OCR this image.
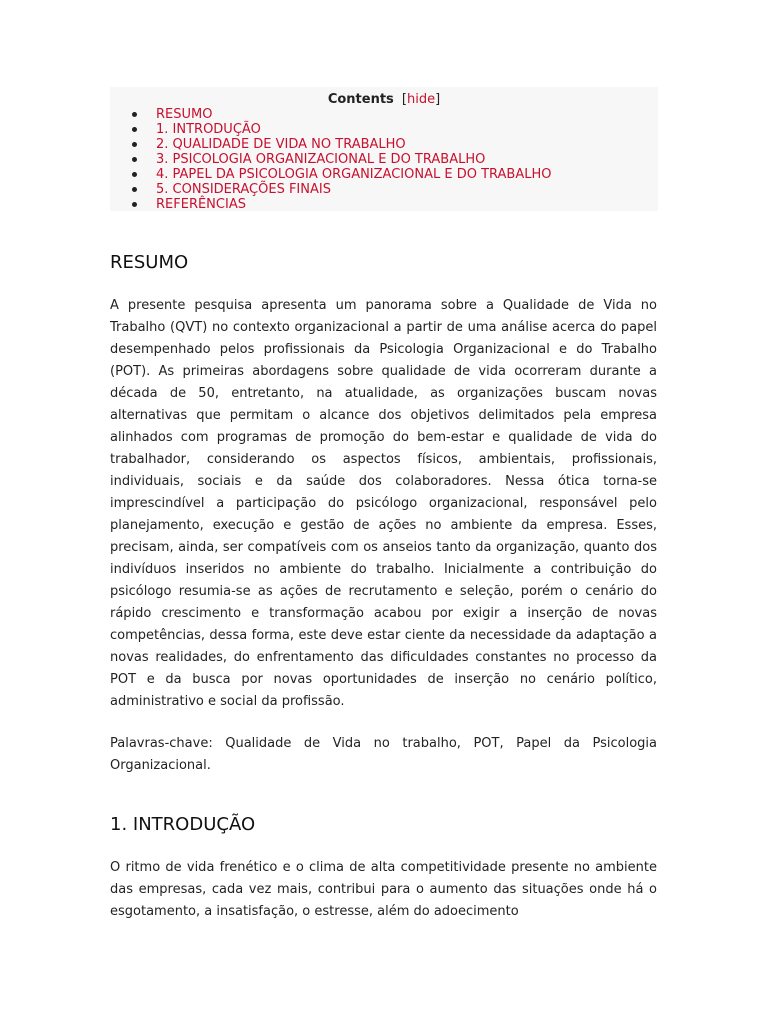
Contents [hide]
RESUMO
1. INTRODUÇÃO
2. QUALIDADE DE VIDA NO TRABALHO
3. PSICOLOGIA ORGANIZACIONAL E DO TRABALHO
4. PAPEL DA PSICOLOGIA ORGANIZACIONAL E DO TRABALHO
5. CONSIDERAÇÕES FINAIS
REFERÊNCIAS
RESUMO

A presente pesquisa apresenta um panorama sobre a Qualidade de Vida no Trabalho (QVT) no contexto organizacional a partir de uma análise acerca do papel desempenhado pelos profissionais da Psicologia Organizacional e do Trabalho (POT). As primeiras abordagens sobre qualidade de vida ocorreram durante a década de 50, entretanto, na atualidade, as organizações buscam novas alternativas que permitam o alcance dos objetivos delimitados pela empresa alinhados com programas de promoção do bem-estar e qualidade de vida do trabalhador, considerando os aspectos físicos, ambientais, profissionais, individuais, sociais e da saúde dos colaboradores. Nessa ótica torna-se imprescindível a participação do psicólogo organizacional, responsável pelo planejamento, execução e gestão de ações no ambiente da empresa. Esses, precisam, ainda, ser compatíveis com os anseios tanto da organização, quanto dos indivíduos inseridos no ambiente do trabalho. Inicialmente a contribuição do psicólogo resumia-se as ações de recrutamento e seleção, porém o cenário do rápido crescimento e transformação acabou por exigir a inserção de novas competências, dessa forma, este deve estar ciente da necessidade da adaptação a novas realidades, do enfrentamento das dificuldades constantes no processo da POT e da busca por novas oportunidades de inserção no cenário político, administrativo e social da profissão.

Palavras-chave: Qualidade de Vida no trabalho, POT, Papel da Psicologia Organizacional.

1. INTRODUÇÃO

O ritmo de vida frenético e o clima de alta competitividade presente no ambiente das empresas, cada vez mais, contribui para o aumento das situações onde há o esgotamento, a insatisfação, o estresse, além do adoecimento
